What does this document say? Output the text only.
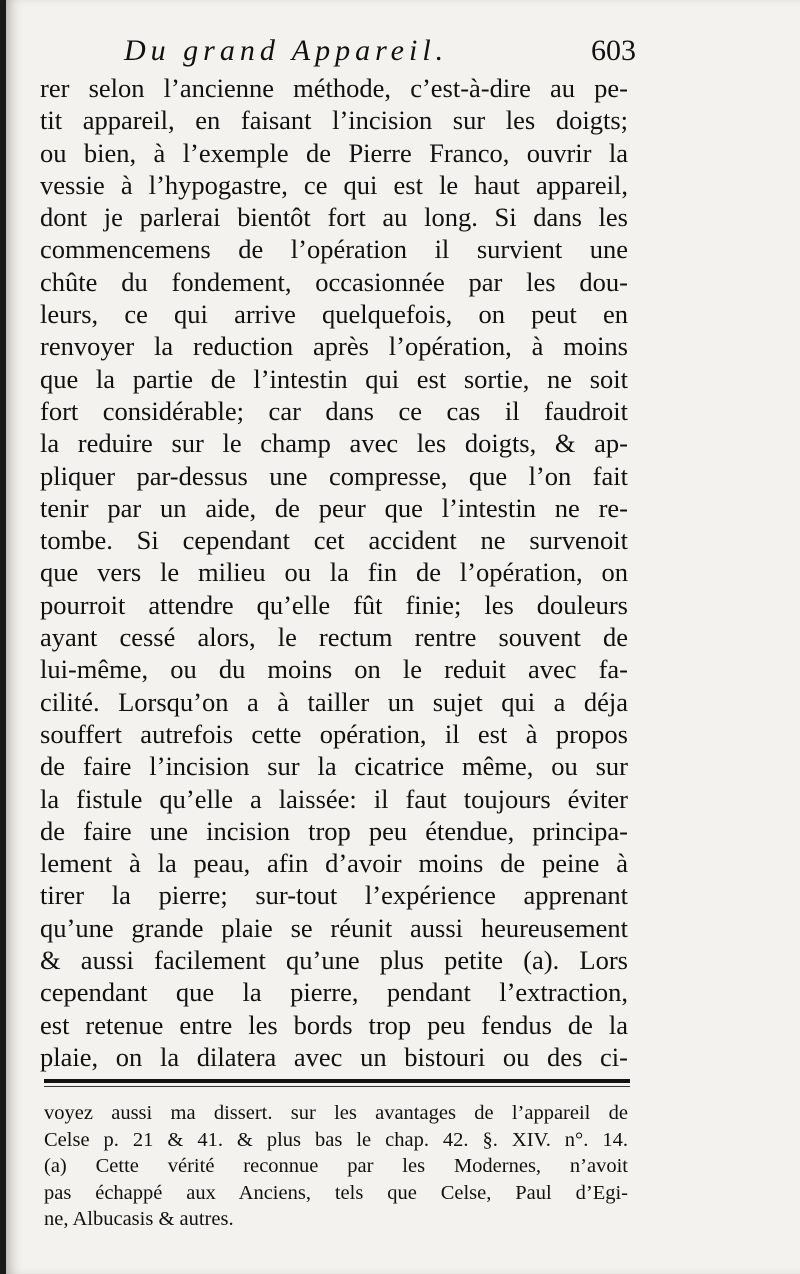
Du grand Appareil.	603
rer selon l’ancienne méthode, c’est-à-dire au pe-
tit appareil, en faisant l’incision sur les doigts;
ou bien, à l’exemple de Pierre Franco, ouvrir la
vessie à l’hypogastre, ce qui est le haut appareil,
dont je parlerai bientôt fort au long. Si dans les
commencemens de l’opération il survient une
chûte du fondement, occasionnée par les dou-
leurs, ce qui arrive quelquefois, on peut en
renvoyer la reduction après l’opération, à moins
que la partie de l’intestin qui est sortie, ne soit
fort considérable; car dans ce cas il faudroit
la reduire sur le champ avec les doigts, & ap-
pliquer par-dessus une compresse, que l’on fait
tenir par un aide, de peur que l’intestin ne re-
tombe. Si cependant cet accident ne survenoit
que vers le milieu ou la fin de l’opération, on
pourroit attendre qu’elle fût finie; les douleurs
ayant cessé alors, le rectum rentre souvent de
lui-même, ou du moins on le reduit avec fa-
cilité. Lorsqu’on a à tailler un sujet qui a déja
souffert autrefois cette opération, il est à propos
de faire l’incision sur la cicatrice même, ou sur
la fistule qu’elle a laissée: il faut toujours éviter
de faire une incision trop peu étendue, principa-
lement à la peau, afin d’avoir moins de peine à
tirer la pierre; sur-tout l’expérience apprenant
qu’une grande plaie se réunit aussi heureusement
& aussi facilement qu’une plus petite (a). Lors
cependant que la pierre, pendant l’extraction,
est retenue entre les bords trop peu fendus de la
plaie, on la dilatera avec un bistouri ou des ci-
voyez aussi ma dissert. sur les avantages de l’appareil de
Celse p. 21 & 41. & plus bas le chap. 42. §. XIV. n°. 14.
(a) Cette vérité reconnue par les Modernes, n’avoit
pas échappé aux Anciens, tels que Celse, Paul d’Egi-
ne, Albucasis & autres.
